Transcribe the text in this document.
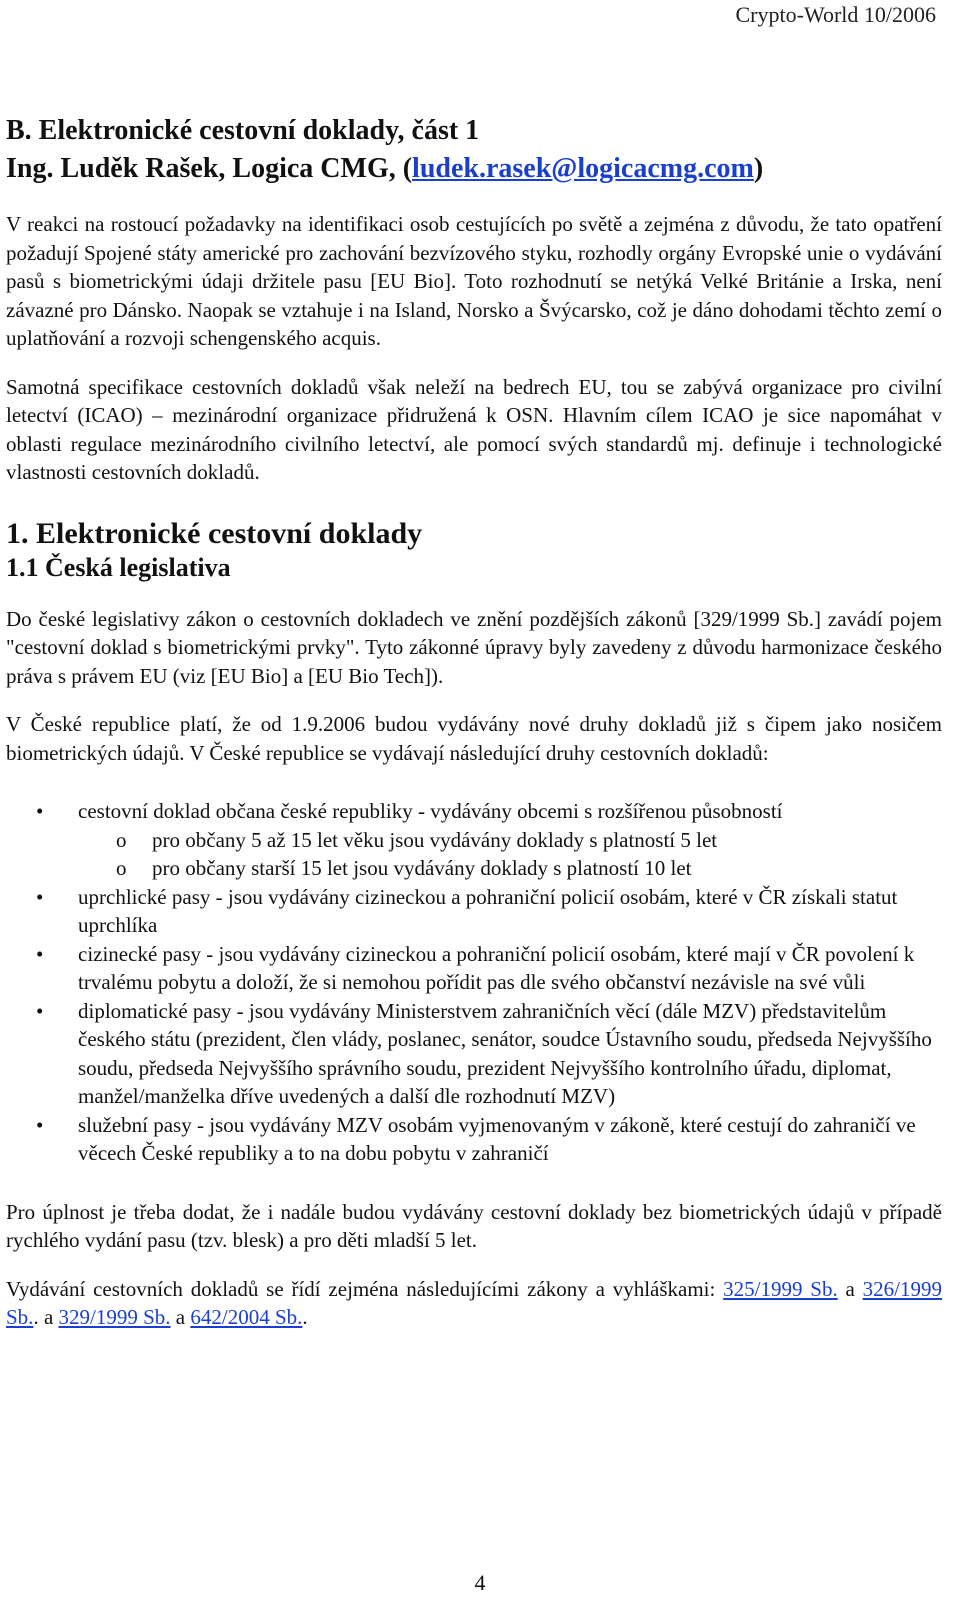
Crypto-World 10/2006
B. Elektronické cestovní doklady, část 1
Ing. Luděk Rašek, Logica CMG, (ludek.rasek@logicacmg.com)

V reakci na rostoucí požadavky na identifikaci osob cestujících po světě a zejména z důvodu, že tato opatření požadují Spojené státy americké pro zachování bezvízového styku, rozhodly orgány Evropské unie o vydávání pasů s biometrickými údaji držitele pasu [EU Bio]. Toto rozhodnutí se netýká Velké Británie a Irska, není závazné pro Dánsko. Naopak se vztahuje i na Island, Norsko a Švýcarsko, což je dáno dohodami těchto zemí o uplatňování a rozvoji schengenského acquis.

Samotná specifikace cestovních dokladů však neleží na bedrech EU, tou se zabývá organizace pro civilní letectví (ICAO) – mezinárodní organizace přidružená k OSN. Hlavním cílem ICAO je sice napomáhat v oblasti regulace mezinárodního civilního letectví, ale pomocí svých standardů mj. definuje i technologické vlastnosti cestovních dokladů.

1. Elektronické cestovní doklady
1.1 Česká legislativa

Do české legislativy zákon o cestovních dokladech ve znění pozdějších zákonů [329/1999 Sb.] zavádí pojem "cestovní doklad s biometrickými prvky". Tyto zákonné úpravy byly zavedeny z důvodu harmonizace českého práva s právem EU (viz [EU Bio] a [EU Bio Tech]).

V České republice platí, že od 1.9.2006 budou vydávány nové druhy dokladů již s čipem jako nosičem biometrických údajů. V České republice se vydávají následující druhy cestovních dokladů:

• cestovní doklad občana české republiky - vydávány obcemi s rozšířenou působností
o pro občany 5 až 15 let věku jsou vydávány doklady s platností 5 let
o pro občany starší 15 let jsou vydávány doklady s platností 10 let
• uprchlické pasy - jsou vydávány cizineckou a pohraniční policií osobám, které v ČR získali statut uprchlíka
• cizinecké pasy - jsou vydávány cizineckou a pohraniční policií osobám, které mají v ČR povolení k trvalému pobytu a doloží, že si nemohou pořídit pas dle svého občanství nezávisle na své vůli
• diplomatické pasy - jsou vydávány Ministerstvem zahraničních věcí (dále MZV) představitelům českého státu (prezident, člen vlády, poslanec, senátor, soudce Ústavního soudu, předseda Nejvyššího soudu, předseda Nejvyššího správního soudu, prezident Nejvyššího kontrolního úřadu, diplomat, manžel/manželka dříve uvedených a další dle rozhodnutí MZV)
• služební pasy - jsou vydávány MZV osobám vyjmenovaným v zákoně, které cestují do zahraničí ve věcech České republiky a to na dobu pobytu v zahraničí

Pro úplnost je třeba dodat, že i nadále budou vydávány cestovní doklady bez biometrických údajů v případě rychlého vydání pasu (tzv. blesk) a pro děti mladší 5 let.

Vydávání cestovních dokladů se řídí zejména následujícími zákony a vyhláškami: 325/1999 Sb. a 326/1999 Sb.. a 329/1999 Sb. a 642/2004 Sb..

4
